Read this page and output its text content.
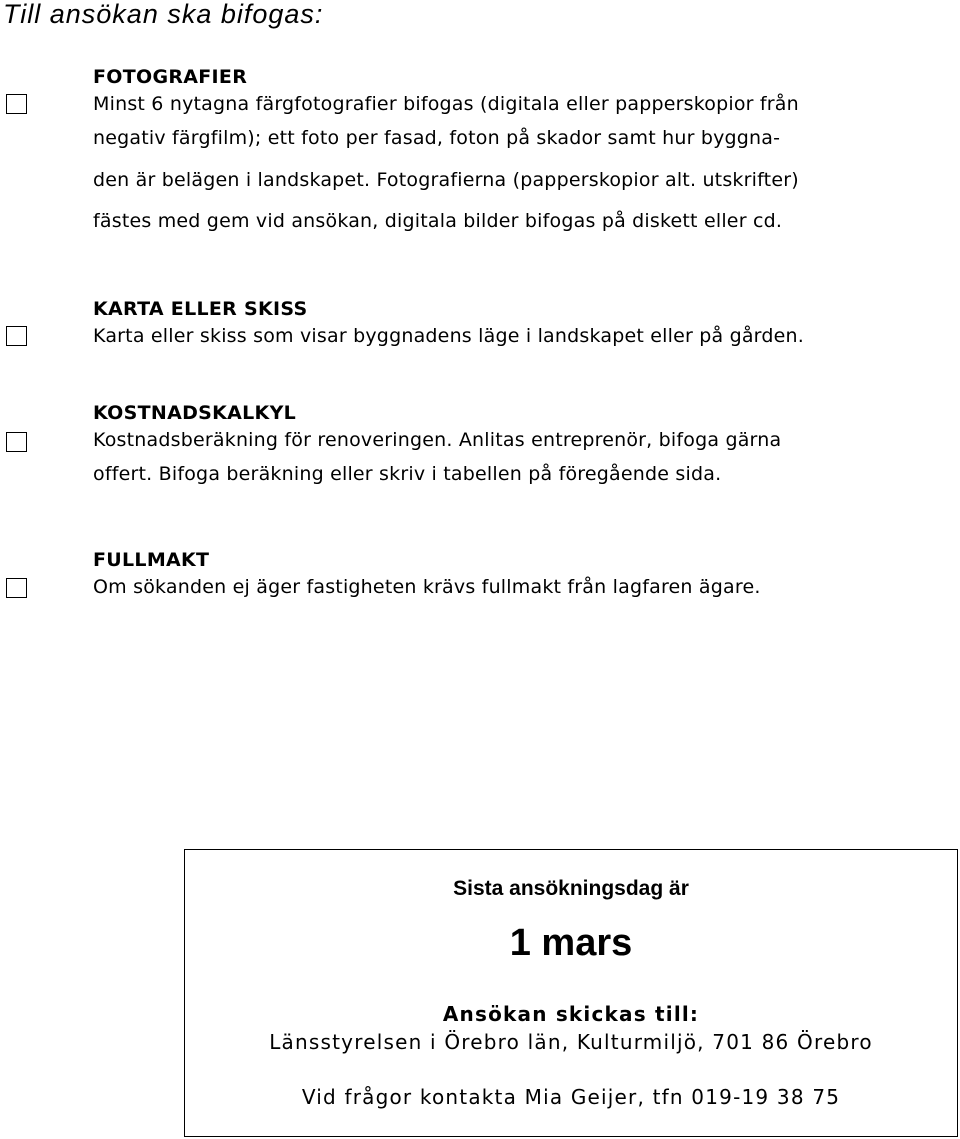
Till ansökan ska bifogas:
FOTOGRAFIER
Minst 6 nytagna färgfotografier bifogas (digitala eller papperskopior från
negativ färgfilm); ett foto per fasad, foton på skador samt hur byggna-
den är belägen i landskapet. Fotografierna (papperskopior alt. utskrifter)
fästes med gem vid ansökan, digitala bilder bifogas på diskett eller cd.
KARTA ELLER SKISS
Karta eller skiss som visar byggnadens läge i landskapet eller på gården.
KOSTNADSKALKYL
Kostnadsberäkning för renoveringen. Anlitas entreprenör, bifoga gärna
offert. Bifoga beräkning eller skriv i tabellen på föregående sida.
FULLMAKT
Om sökanden ej äger fastigheten krävs fullmakt från lagfaren ägare.
Sista ansökningsdag är
1 mars
Ansökan skickas till:
Länsstyrelsen i Örebro län, Kulturmiljö, 701 86 Örebro
Vid frågor kontakta Mia Geijer, tfn 019-19 38 75
